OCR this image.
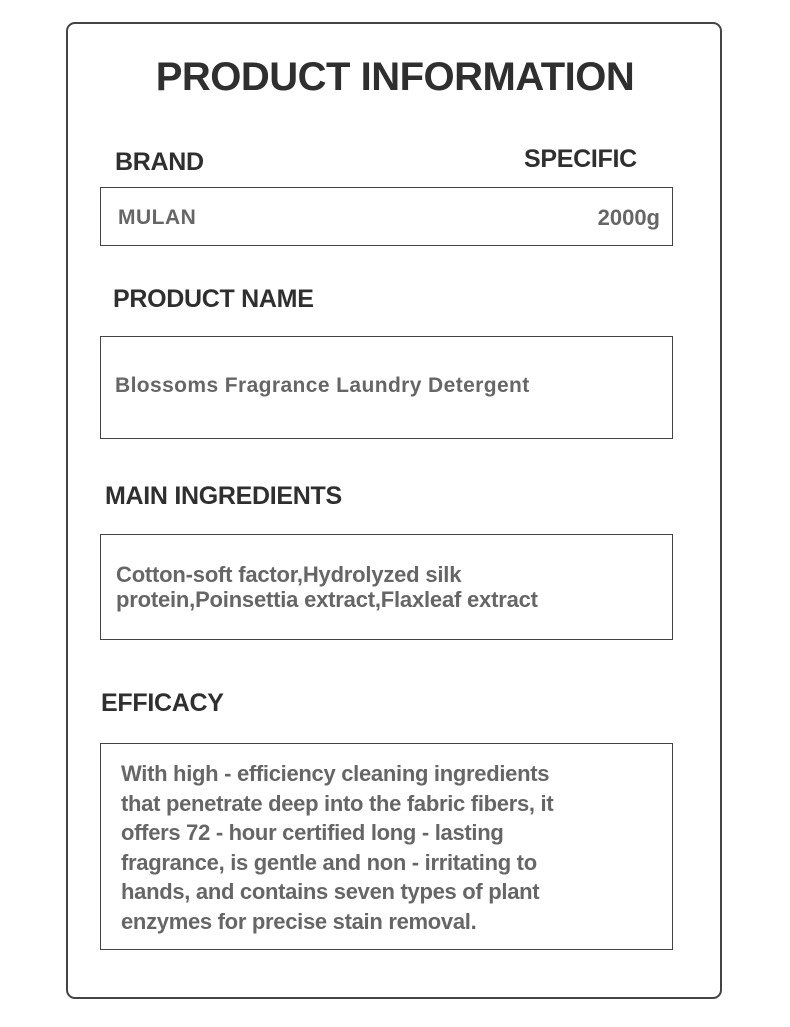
PRODUCT INFORMATION
BRAND	SPECIFIC
MULAN	2000g
PRODUCT NAME
Blossoms Fragrance Laundry Detergent
MAIN INGREDIENTS
Cotton-soft factor,Hydrolyzed silk
protein,Poinsettia extract,Flaxleaf extract
EFFICACY
With high - efficiency cleaning ingredients
that penetrate deep into the fabric fibers, it
offers 72 - hour certified long - lasting
fragrance, is gentle and non - irritating to
hands, and contains seven types of plant
enzymes for precise stain removal.
